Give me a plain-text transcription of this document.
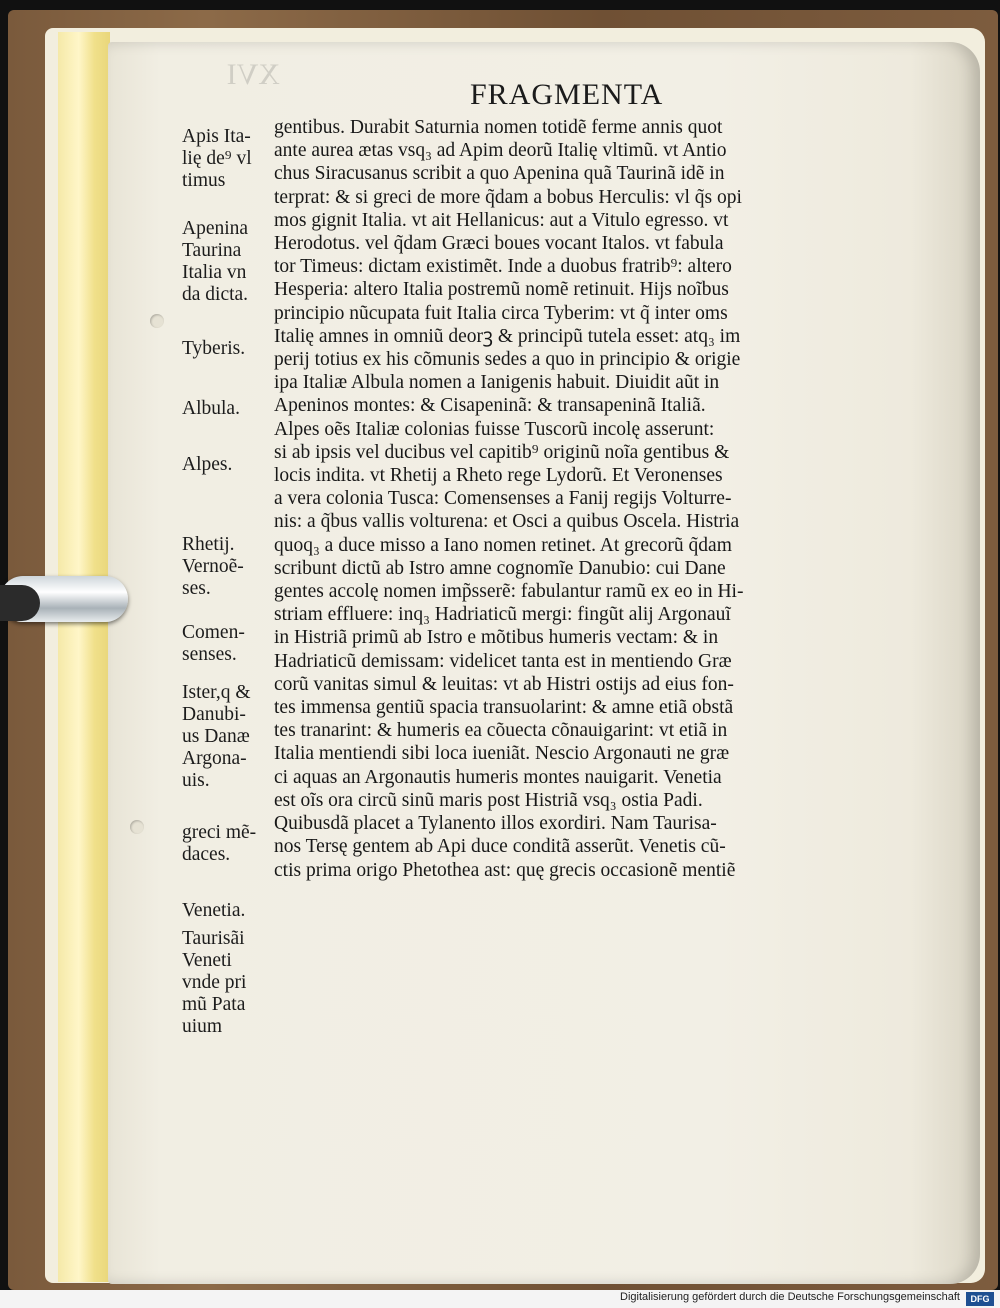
XVI
FRAGMENTA
Apis Ita-
lię de⁹ vl
timus
Apenina
Taurina
Italia vn
da dicta.
Tyberis.
Albula.
Alpes.
Rhetij.
Vernoẽ-
ses.
Comen-
senses.
Ister,q &
Danubi-
us Danæ
Argona-
uis.
greci mẽ-
daces.
Venetia.
Taurisãi
Veneti
vnde pri
mũ Pata
uium
gentibus. Durabit Saturnia nomen totidẽ ferme annis quot
ante aurea ætas vsq₃ ad Apim deorũ Italię vltimũ. vt Antio
chus Siracusanus scribit a quo Apenina quã Taurinã idẽ in
terprat: & si greci de more q̃dam a bobus Herculis: vl q̃s opi
mos gignit Italia. vt ait Hellanicus: aut a Vitulo egresso. vt
Herodotus. vel q̃dam Græci boues vocant Italos. vt fabula
tor Timeus: dictam existimẽt. Inde a duobus fratrib⁹: altero
Hesperia: altero Italia postremũ nomẽ retinuit. Hijs noĩbus
principio nũcupata fuit Italia circa Tyberim: vt q̃ inter oms
Italię amnes in omniũ deorꝫ & principũ tutela esset: atq₃ im
perij totius ex his cõmunis sedes a quo in principio & origie
ipa Italiæ Albula nomen a Ianigenis habuit. Diuidit aũt in
Apeninos montes: & Cisapeninã: & transapeninã Italiã.
Alpes oẽs Italiæ colonias fuisse Tuscorũ incolę asserunt:
si ab ipsis vel ducibus vel capitib⁹ originũ noĩa gentibus &
locis indita. vt Rhetij a Rheto rege Lydorũ. Et Veronenses
a vera colonia Tusca: Comensenses a Fanij regijs Volturre-
nis: a q̃bus vallis volturena: et Osci a quibus Oscela. Histria
quoq₃ a duce misso a Iano nomen retinet. At grecorũ q̃dam
scribunt dictũ ab Istro amne cognomĩe Danubio: cui Dane
gentes accolę nomen imp̃sserẽ: fabulantur ramũ ex eo in Hi-
striam effluere: inq₃ Hadriaticũ mergi: fingũt alij Argonauĩ
in Histriã primũ ab Istro e mõtibus humeris vectam: & in
Hadriaticũ demissam: videlicet tanta est in mentiendo Græ
corũ vanitas simul & leuitas: vt ab Histri ostijs ad eius fon-
tes immensa gentiũ spacia transuolarint: & amne etiã obstã
tes tranarint: & humeris ea cõuecta cõnauigarint: vt etiã in
Italia mentiendi sibi loca iueniãt. Nescio Argonauti ne græ
ci aquas an Argonautis humeris montes nauigarit. Venetia
est oĩs ora circũ sinũ maris post Histriã vsq₃ ostia Padi.
Quibusdã placet a Tylanento illos exordiri. Nam Taurisa-
nos Tersę gentem ab Api duce conditã asserũt. Venetis cũ-
ctis prima origo Phetothea ast: quę grecis occasionẽ mentiẽ
Digitalisierung gefördert durch die Deutsche Forschungsgemeinschaft	DFG
